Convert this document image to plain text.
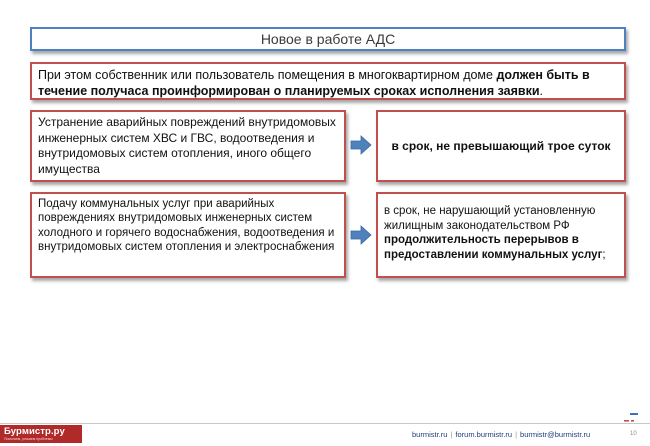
Новое в работе АДС
При этом собственник или пользователь помещения в многоквартирном доме должен быть в течение получаса проинформирован о планируемых сроках исполнения заявки.
Устранение аварийных повреждений внутридомовых инженерных систем ХВС и ГВС, водоотведения и внутридомовых систем отопления, иного общего имущества
в срок, не превышающий трое суток
Подачу коммунальных услуг при аварийных повреждениях внутридомовых инженерных систем холодного и горячего водоснабжения, водоотведения и внутридомовых систем отопления и электроснабжения
в срок, не нарушающий установленную жилищным законодательством РФ продолжительность перерывов в предоставлении коммунальных услуг;
Бурмистр.ру
Помогаем, решаем проблемы	burmistr.ru | forum.burmistr.ru | burmistr@burmistr.ru	10
